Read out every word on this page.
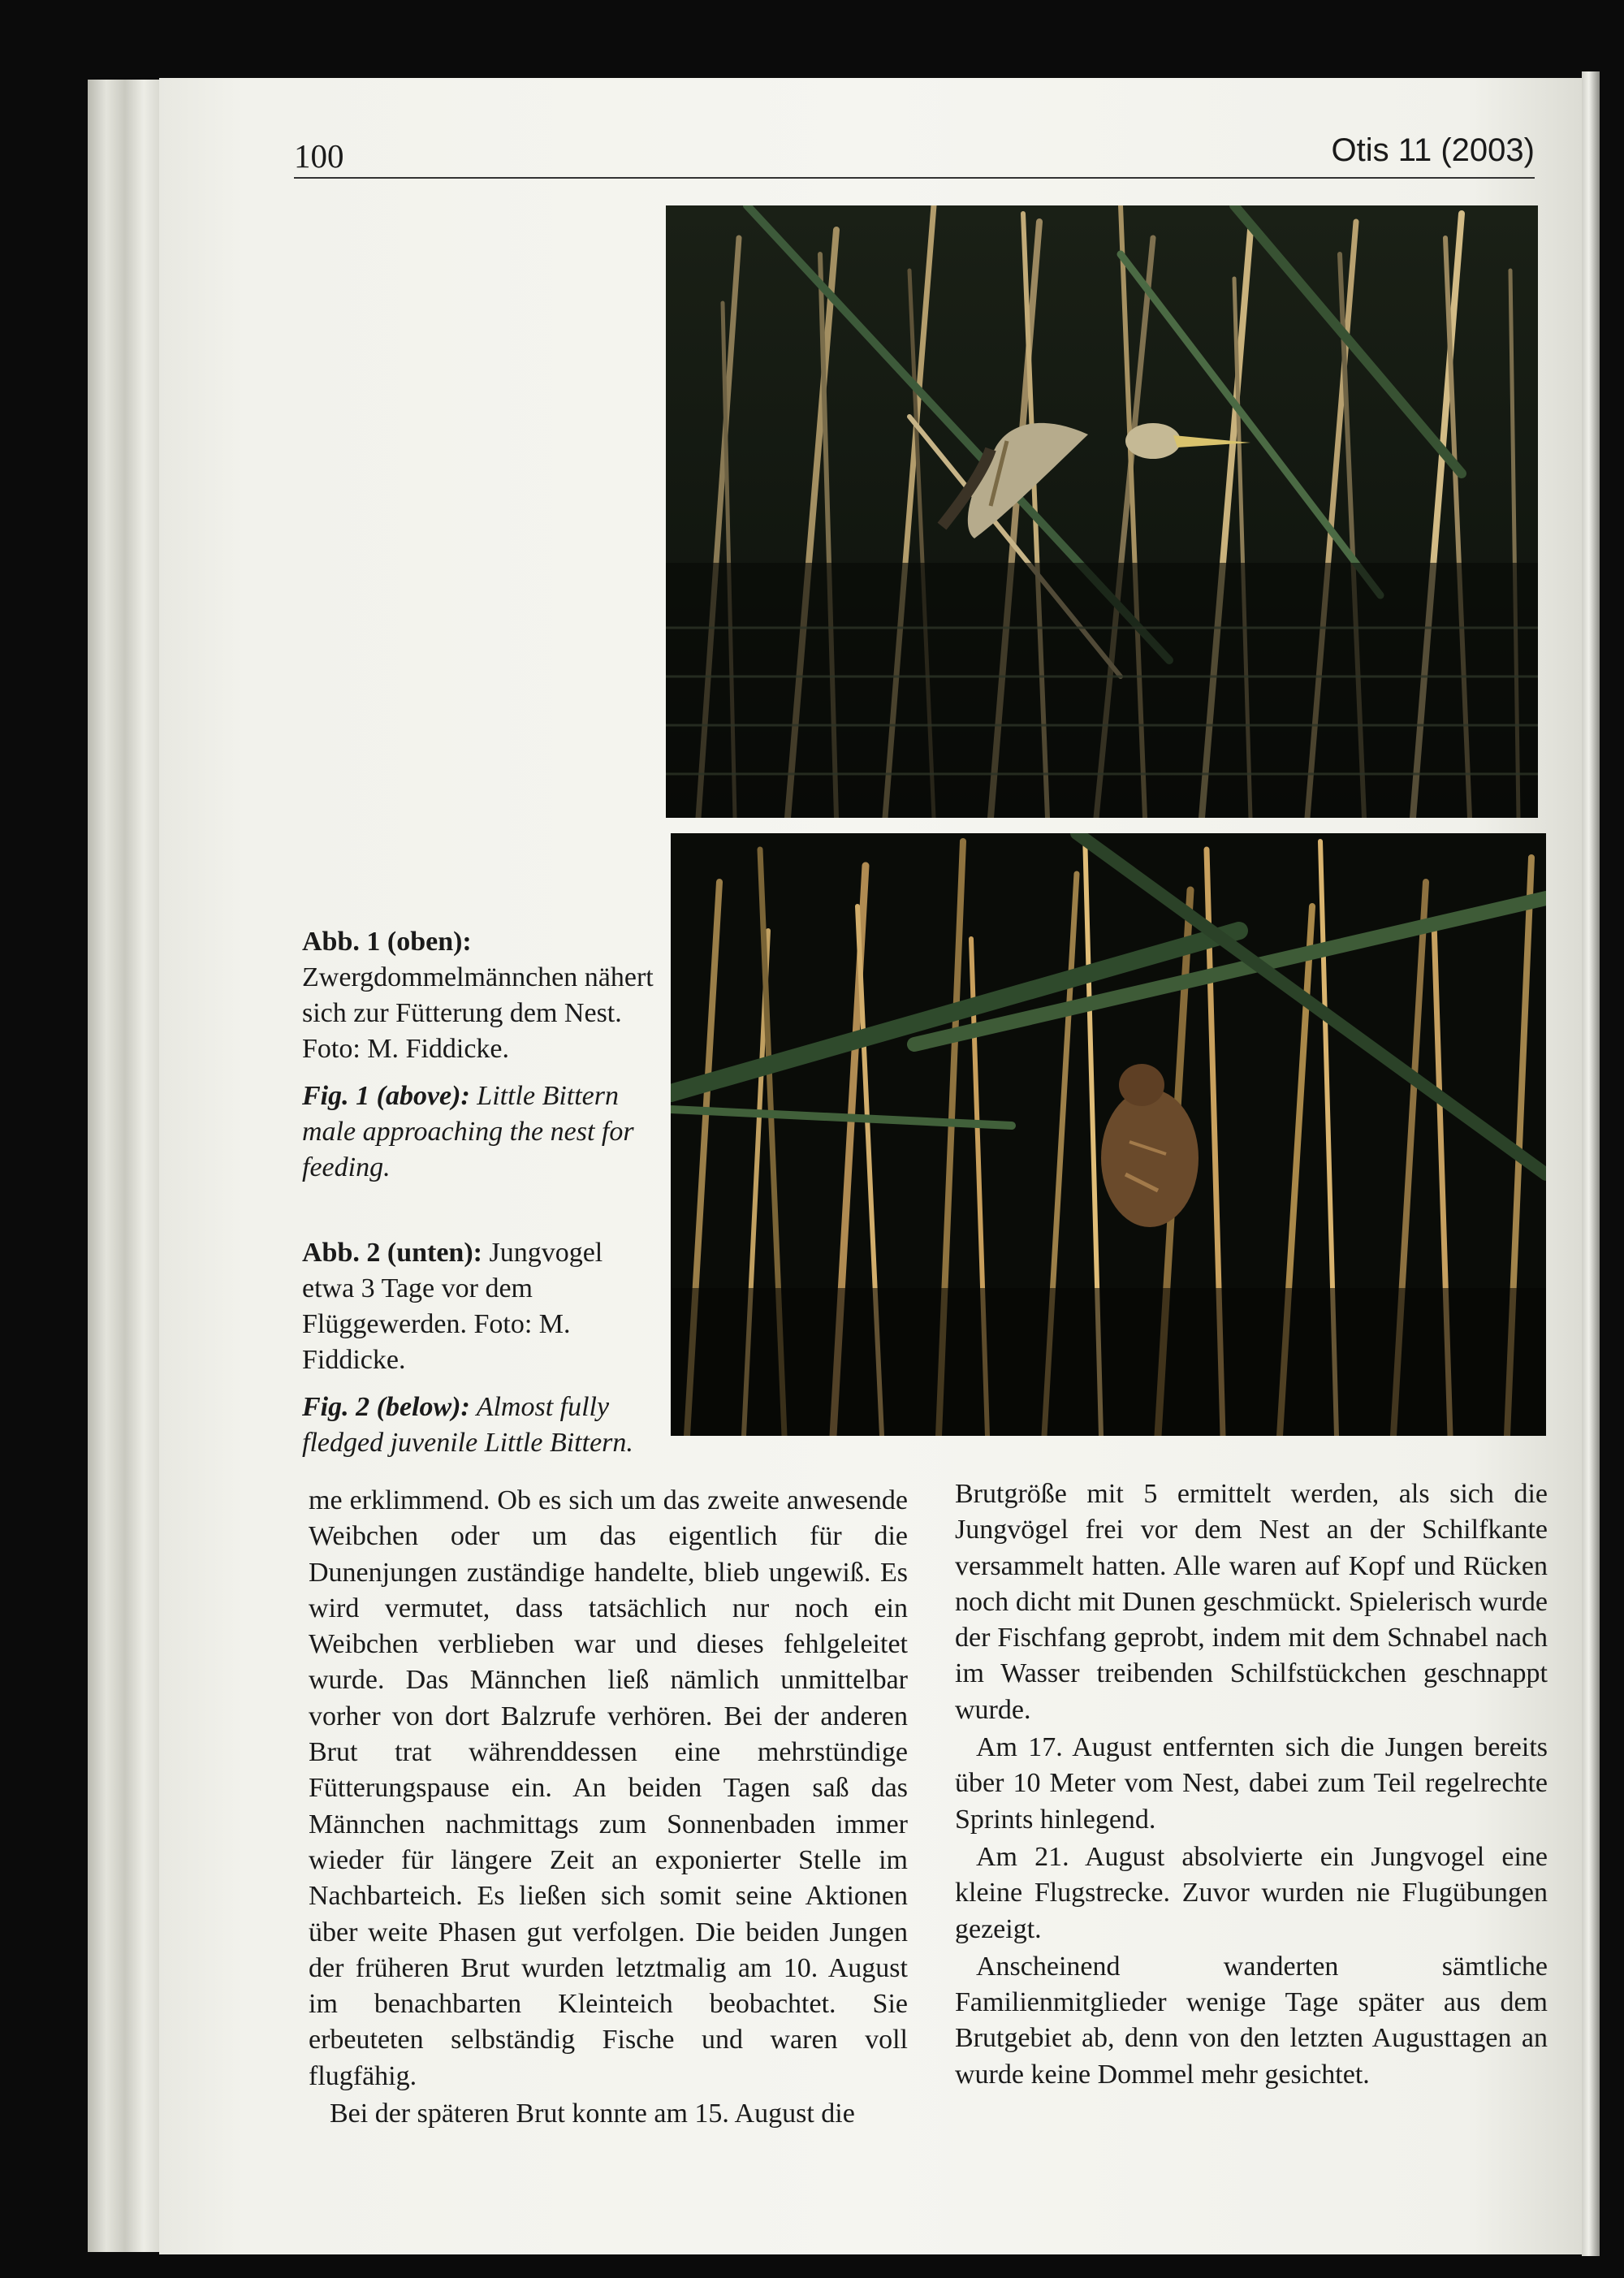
100	Otis 11 (2003)
Abb. 1 (oben): Zwergdommelmännchen nähert sich zur Fütterung dem Nest. Foto: M. Fiddicke.
Fig. 1 (above): Little Bittern male approaching the nest for feeding.
Abb. 2 (unten): Jungvogel etwa 3 Tage vor dem Flüggewerden. Foto: M. Fiddicke.
Fig. 2 (below): Almost fully fledged juvenile Little Bittern.

me erklimmend. Ob es sich um das zweite anwesende Weibchen oder um das eigentlich für die Dunenjungen zuständige handelte, blieb ungewiß. Es wird vermutet, dass tatsächlich nur noch ein Weibchen verblieben war und dieses fehlgeleitet wurde. Das Männchen ließ nämlich unmittelbar vorher von dort Balzrufe verhören. Bei der anderen Brut trat währenddessen eine mehrstündige Fütterungspause ein. An beiden Tagen saß das Männchen nachmittags zum Sonnenbaden immer wieder für längere Zeit an exponierter Stelle im Nachbarteich. Es ließen sich somit seine Aktionen über weite Phasen gut verfolgen. Die beiden Jungen der früheren Brut wurden letztmalig am 10. August im benachbarten Kleinteich beobachtet. Sie erbeuteten selbständig Fische und waren voll flugfähig.

Bei der späteren Brut konnte am 15. August die

Brutgröße mit 5 ermittelt werden, als sich die Jungvögel frei vor dem Nest an der Schilfkante versammelt hatten. Alle waren auf Kopf und Rücken noch dicht mit Dunen geschmückt. Spielerisch wurde der Fischfang geprobt, indem mit dem Schnabel nach im Wasser treibenden Schilfstückchen geschnappt wurde.

Am 17. August entfernten sich die Jungen bereits über 10 Meter vom Nest, dabei zum Teil regelrechte Sprints hinlegend.

Am 21. August absolvierte ein Jungvogel eine kleine Flugstrecke. Zuvor wurden nie Flugübungen gezeigt.

Anscheinend wanderten sämtliche Familienmitglieder wenige Tage später aus dem Brutgebiet ab, denn von den letzten Augusttagen an wurde keine Dommel mehr gesichtet.
